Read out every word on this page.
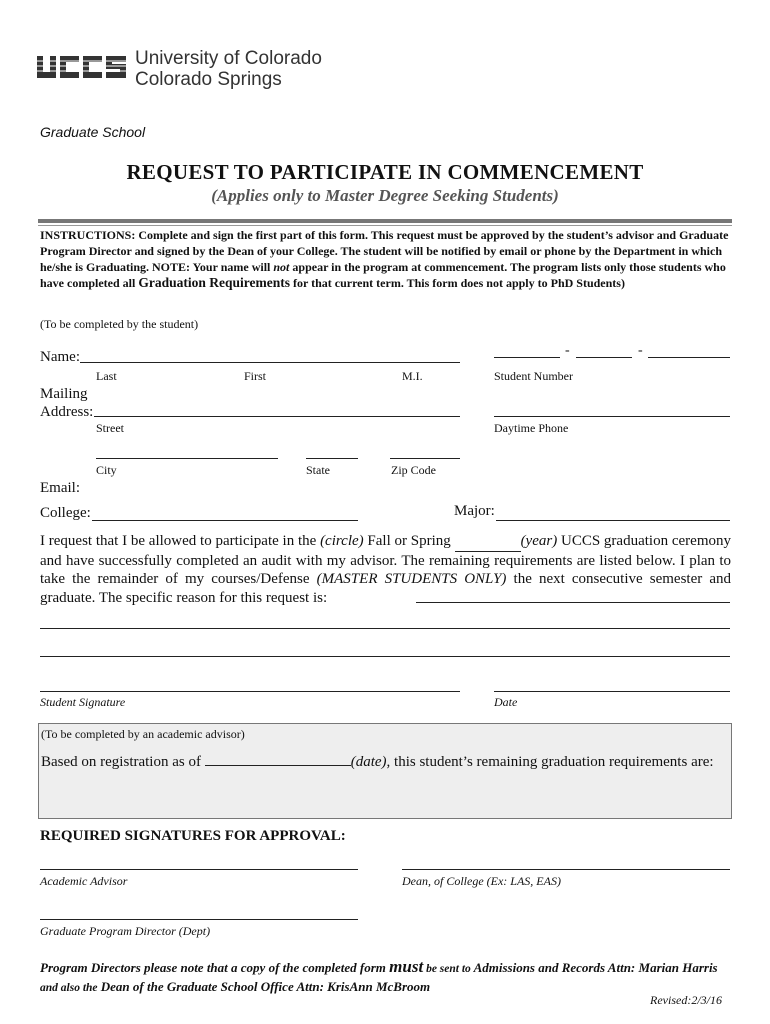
University of Colorado
Colorado Springs
Graduate School
REQUEST TO PARTICIPATE IN COMMENCEMENT
(Applies only to Master Degree Seeking Students)
INSTRUCTIONS: Complete and sign the first part of this form. This request must be approved by the student’s advisor and Graduate Program Director and signed by the Dean of your College. The student will be notified by email or phone by the Department in which he/she is Graduating. NOTE: Your name will not appear in the program at commencement. The program lists only those students who have completed all Graduation Requirements for that current term. This form does not apply to PhD Students)
(To be completed by the student)
Name:
Last	First	M.I.
-	-
Student Number
Mailing
Address:
Street	Daytime Phone
City	State	Zip Code
Email:
College:	Major:
I request that I be allowed to participate in the (circle) Fall or Spring	(year) UCCS graduation ceremony and have successfully completed an audit with my advisor. The remaining requirements are listed below. I plan to take the remainder of my courses/Defense (MASTER STUDENTS ONLY) the next consecutive semester and graduate. The specific reason for this request is:
Student Signature	Date
(To be completed by an academic advisor)
Based on registration as of	(date), this student’s remaining graduation requirements are:
REQUIRED SIGNATURES FOR APPROVAL:
Academic Advisor	Dean, of College (Ex: LAS, EAS)
Graduate Program Director (Dept)
Program Directors please note that a copy of the completed form must be sent to Admissions and Records Attn: Marian Harris and also the Dean of the Graduate School Office Attn: KrisAnn McBroom
Revised:2/3/16
